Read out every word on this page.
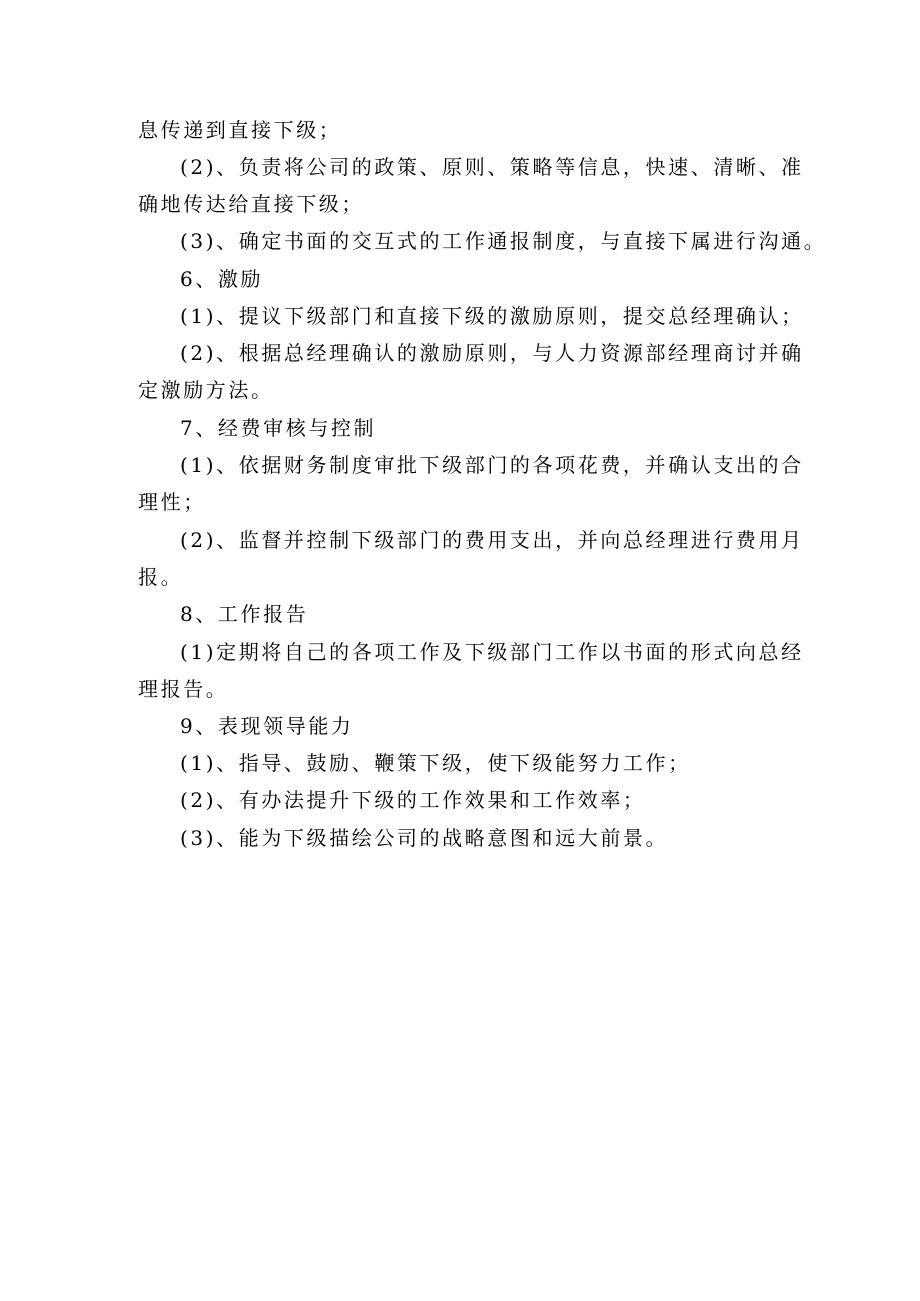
息传递到直接下级；

(2)、负责将公司的政策、原则、策略等信息，快速、清晰、准

确地传达给直接下级；

(3)、确定书面的交互式的工作通报制度，与直接下属进行沟通。

6、激励

(1)、提议下级部门和直接下级的激励原则，提交总经理确认；

(2)、根据总经理确认的激励原则，与人力资源部经理商讨并确

定激励方法。

7、经费审核与控制

(1)、依据财务制度审批下级部门的各项花费，并确认支出的合

理性；

(2)、监督并控制下级部门的费用支出，并向总经理进行费用月

报。

8、工作报告

(1)定期将自己的各项工作及下级部门工作以书面的形式向总经

理报告。

9、表现领导能力

(1)、指导、鼓励、鞭策下级，使下级能努力工作；

(2)、有办法提升下级的工作效果和工作效率；

(3)、能为下级描绘公司的战略意图和远大前景。
